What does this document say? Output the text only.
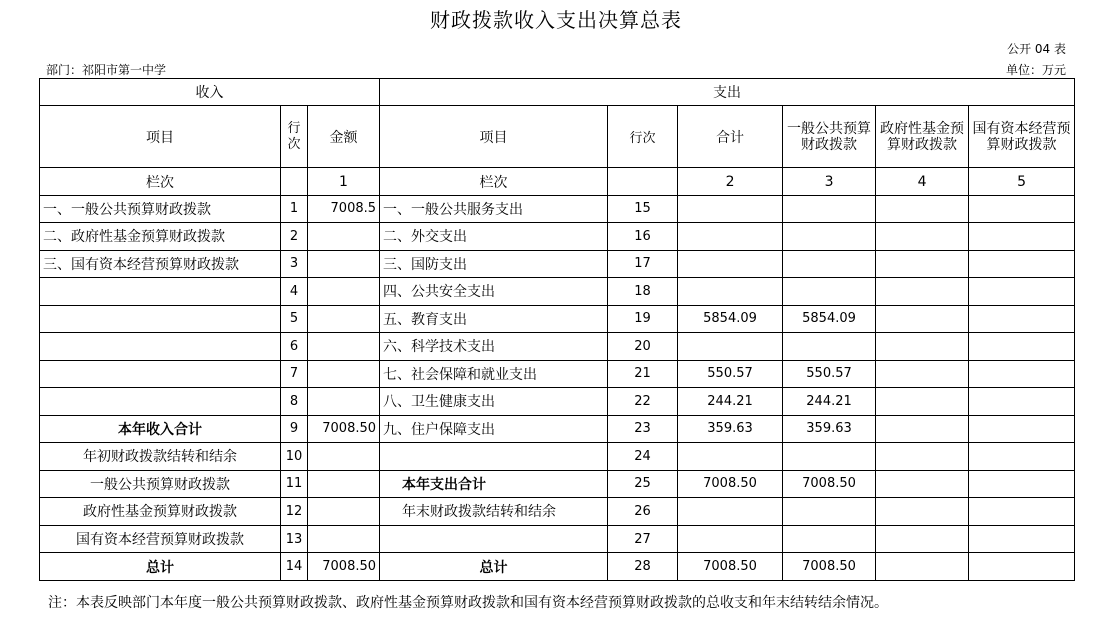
财政拨款收入支出决算总表
公开 04 表
部门：祁阳市第一中学	单位：万元
收入			支出					
项目	行次	金额	项目	行次	合计	一般公共预算财政拨款	政府性基金预算财政拨款	国有资本经营预算财政拨款
栏次		1	栏次		2	3	4	5
一、一般公共预算财政拨款	1	7008.5	一、一般公共服务支出	15				
二、政府性基金预算财政拨款	2		二、外交支出	16				
三、国有资本经营预算财政拨款	3		三、国防支出	17				
	4		四、公共安全支出	18				
	5		五、教育支出	19	5854.09	5854.09		
	6		六、科学技术支出	20				
	7		七、社会保障和就业支出	21	550.57	550.57		
	8		八、卫生健康支出	22	244.21	244.21		
本年收入合计	9	7008.50	九、住户保障支出	23	359.63	359.63		
年初财政拨款结转和结余	10			24				
一般公共预算财政拨款	11		本年支出合计	25	7008.50	7008.50		
政府性基金预算财政拨款	12		年末财政拨款结转和结余	26				
国有资本经营预算财政拨款	13			27				
总计	14	7008.50	总计	28	7008.50	7008.50		
注：本表反映部门本年度一般公共预算财政拨款、政府性基金预算财政拨款和国有资本经营预算财政拨款的总收支和年末结转结余情况。
